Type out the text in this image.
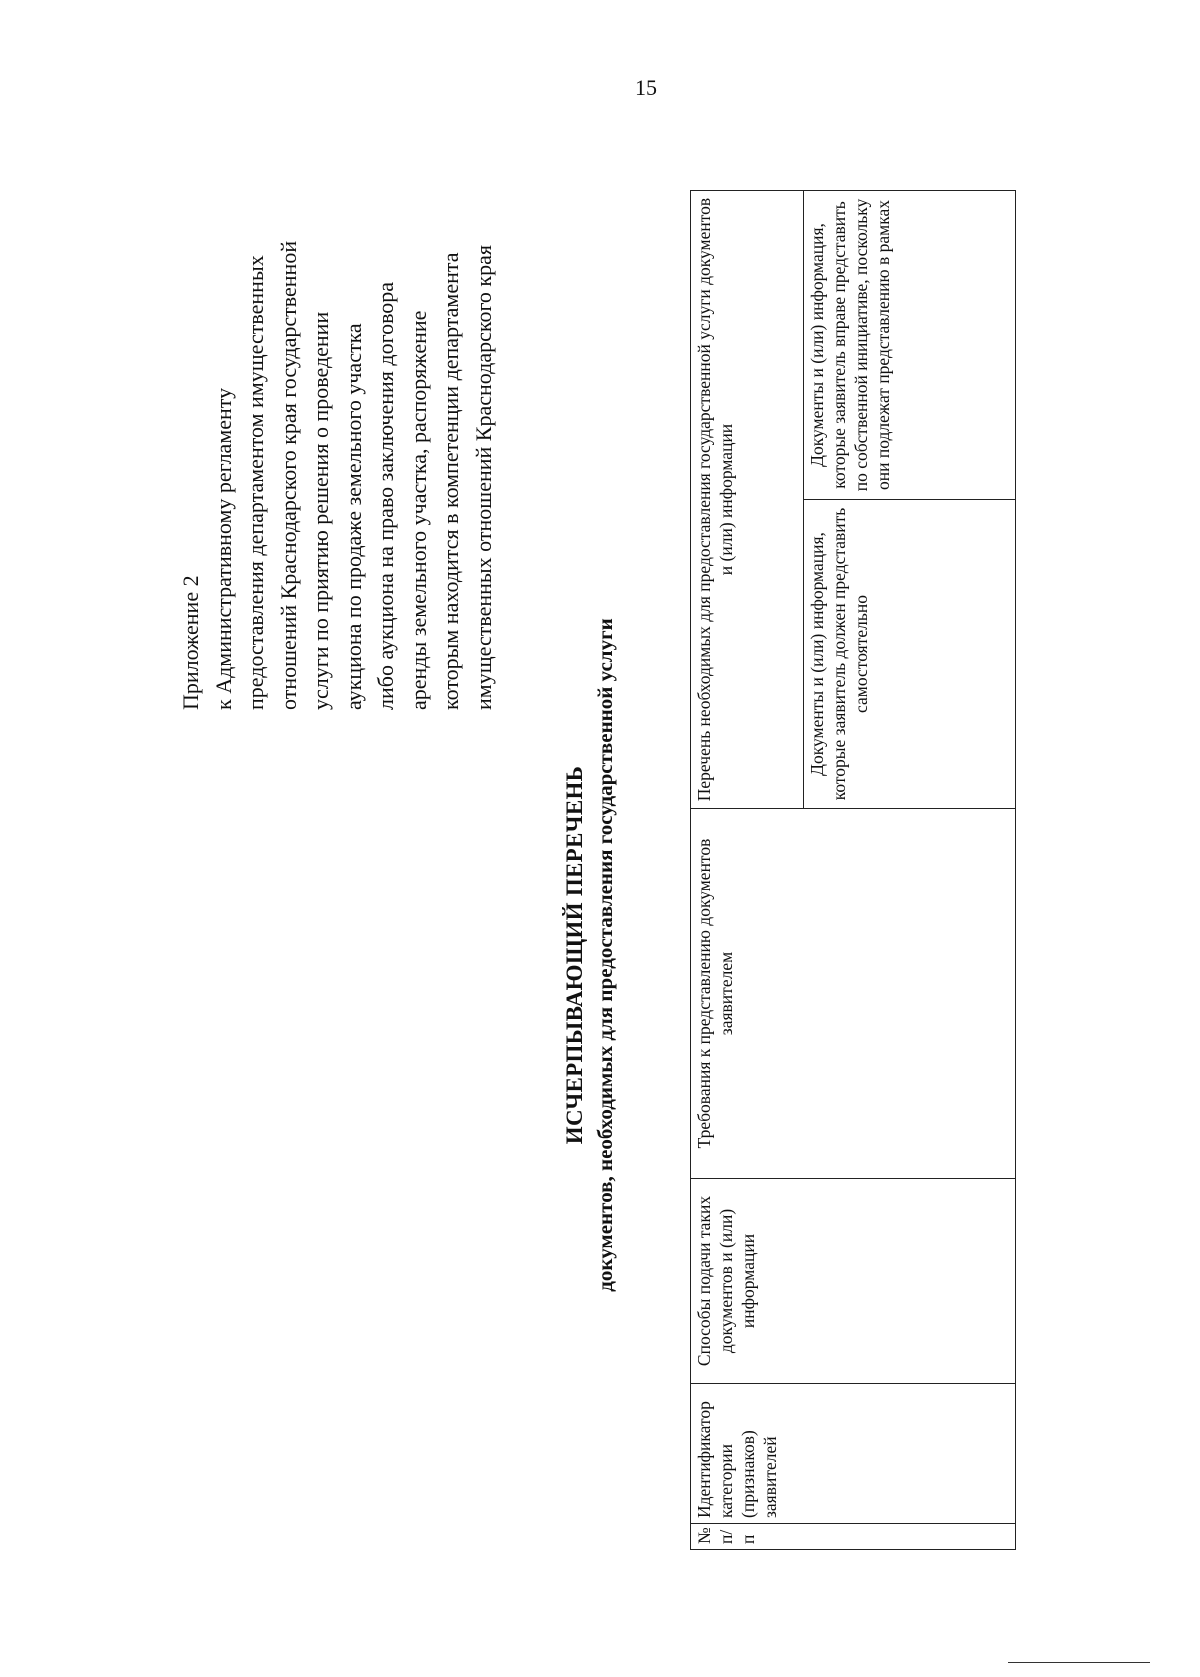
15
Приложение 2 к Административному регламенту предоставления департаментом имущественных отношений Краснодарского края государственной услуги по приятию решения о проведении аукциона по продаже земельного участка либо аукциона на право заключения договора аренды земельного участка, распоряжение которым находится в компетенции департамента имущественных отношений Краснодарского края
ИСЧЕРПЫВАЮЩИЙ ПЕРЕЧЕНЬ документов, необходимых для предоставления государственной услуги
№ п/ п	Идентификатор категории (признаков) заявителей	Способы подачи таких документов и (или) информации	Требования к представлению документов заявителем	Перечень необходимых для предоставления государственной услуги документов и (или) информации	
				Документы и (или) информация, которые заявитель должен представить самостоятельно	Документы и (или) информация, которые заявитель вправе представить по собственной инициативе, поскольку они подлежат представлению в рамках
